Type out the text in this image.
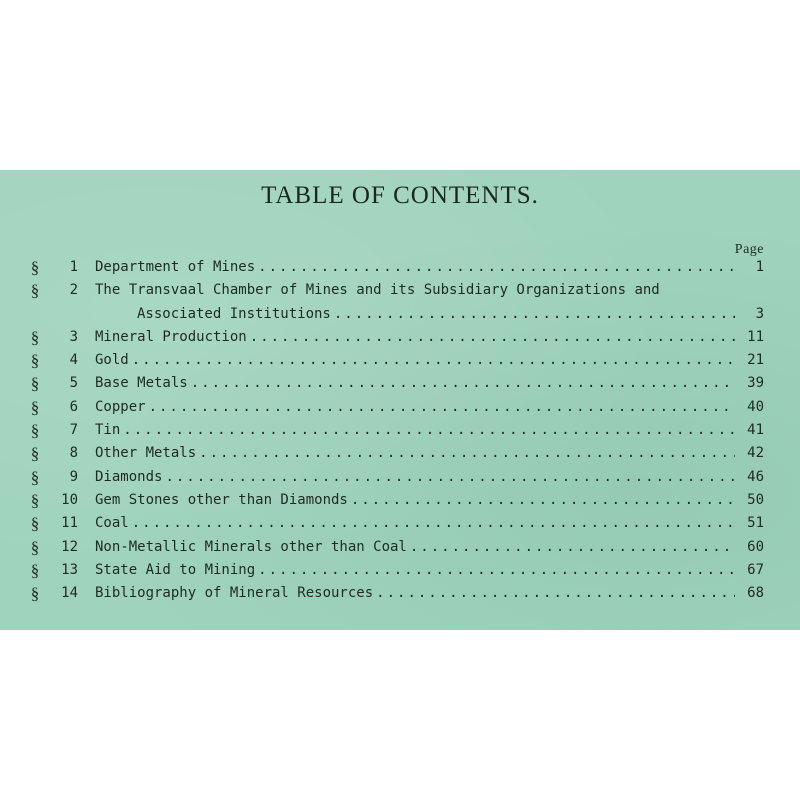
TABLE OF CONTENTS.
Page
§	1 Department of Mines .....	1
§	2 The Transvaal Chamber of Mines and its Subsidiary Organizations and
Associated Institutions .....	3
§	3 Mineral Production .....	11
§	4 Gold .....	21
§	5 Base Metals .....	39
§	6 Copper .....	40
§	7 Tin .....	41
§	8 Other Metals .....	42
§	9 Diamonds .....	46
§	10 Gem Stones other than Diamonds .....	50
§	11 Coal .....	51
§	12 Non-Metallic Minerals other than Coal .....	60
§	13 State Aid to Mining .....	67
§	14 Bibliography of Mineral Resources .....	68
